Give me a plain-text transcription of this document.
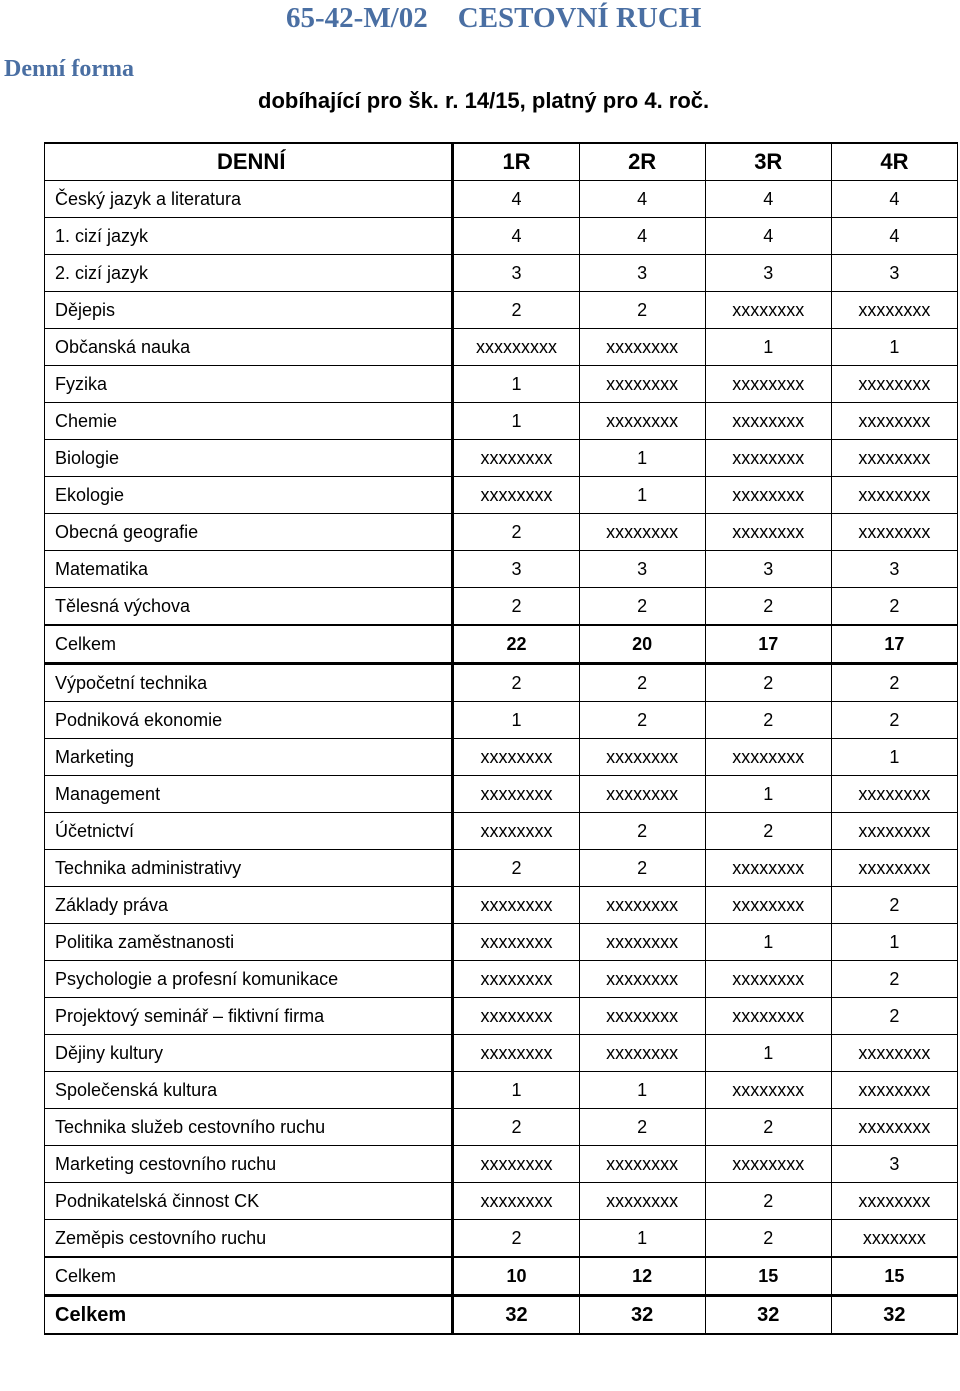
65-42-M/02 CESTOVNÍ RUCH
Denní forma
dobíhající pro šk. r. 14/15, platný pro 4. roč.
DENNÍ	1R	2R	3R	4R
Český jazyk a literatura	4	4	4	4
1. cizí jazyk	4	4	4	4
2. cizí jazyk	3	3	3	3
Dějepis	2	2	xxxxxxxx	xxxxxxxx
Občanská nauka	xxxxxxxxx	xxxxxxxx	1	1
Fyzika	1	xxxxxxxx	xxxxxxxx	xxxxxxxx
Chemie	1	xxxxxxxx	xxxxxxxx	xxxxxxxx
Biologie	xxxxxxxx	1	xxxxxxxx	xxxxxxxx
Ekologie	xxxxxxxx	1	xxxxxxxx	xxxxxxxx
Obecná geografie	2	xxxxxxxx	xxxxxxxx	xxxxxxxx
Matematika	3	3	3	3
Tělesná výchova	2	2	2	2
Celkem	22	20	17	17
Výpočetní technika	2	2	2	2
Podniková ekonomie	1	2	2	2
Marketing	xxxxxxxx	xxxxxxxx	xxxxxxxx	1
Management	xxxxxxxx	xxxxxxxx	1	xxxxxxxx
Účetnictví	xxxxxxxx	2	2	xxxxxxxx
Technika administrativy	2	2	xxxxxxxx	xxxxxxxx
Základy práva	xxxxxxxx	xxxxxxxx	xxxxxxxx	2
Politika zaměstnanosti	xxxxxxxx	xxxxxxxx	1	1
Psychologie a profesní komunikace	xxxxxxxx	xxxxxxxx	xxxxxxxx	2
Projektový seminář – fiktivní firma	xxxxxxxx	xxxxxxxx	xxxxxxxx	2
Dějiny kultury	xxxxxxxx	xxxxxxxx	1	xxxxxxxx
Společenská kultura	1	1	xxxxxxxx	xxxxxxxx
Technika služeb cestovního ruchu	2	2	2	xxxxxxxx
Marketing cestovního ruchu	xxxxxxxx	xxxxxxxx	xxxxxxxx	3
Podnikatelská činnost CK	xxxxxxxx	xxxxxxxx	2	xxxxxxxx
Zeměpis cestovního ruchu	2	1	2	xxxxxxx
Celkem	10	12	15	15
Celkem	32	32	32	32
